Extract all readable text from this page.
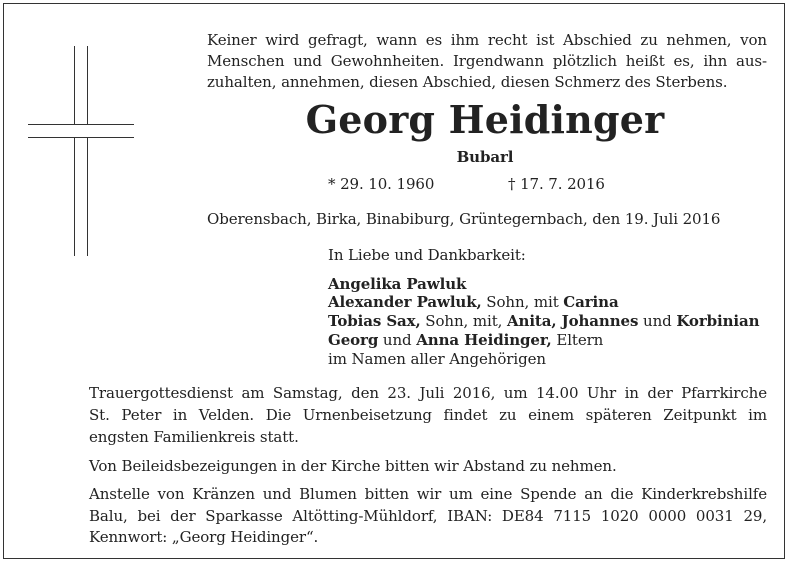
Keiner wird gefragt, wann es ihm recht ist Abschied zu nehmen, von
Menschen und Gewohnheiten. Irgendwann plötzlich heißt es, ihn aus-
zuhalten, annehmen, diesen Abschied, diesen Schmerz des Sterbens.
Georg Heidinger
Bubarl
* 29. 10. 1960	† 17. 7. 2016
Oberensbach, Birka, Binabiburg, Grüntegernbach, den 19. Juli 2016
In Liebe und Dankbarkeit:
Angelika Pawluk
Alexander Pawluk, Sohn, mit Carina
Tobias Sax, Sohn, mit, Anita, Johannes und Korbinian
Georg und Anna Heidinger, Eltern
im Namen aller Angehörigen
Trauergottesdienst am Samstag, den 23. Juli 2016, um 14.00 Uhr in der Pfarrkirche
St. Peter in Velden. Die Urnenbeisetzung findet zu einem späteren Zeitpunkt im
engsten Familienkreis statt.
Von Beileidsbezeigungen in der Kirche bitten wir Abstand zu nehmen.
Anstelle von Kränzen und Blumen bitten wir um eine Spende an die Kinderkrebshilfe
Balu, bei der Sparkasse Altötting-Mühldorf, IBAN: DE84 7115 1020 0000 0031 29,
Kennwort: „Georg Heidinger“.
